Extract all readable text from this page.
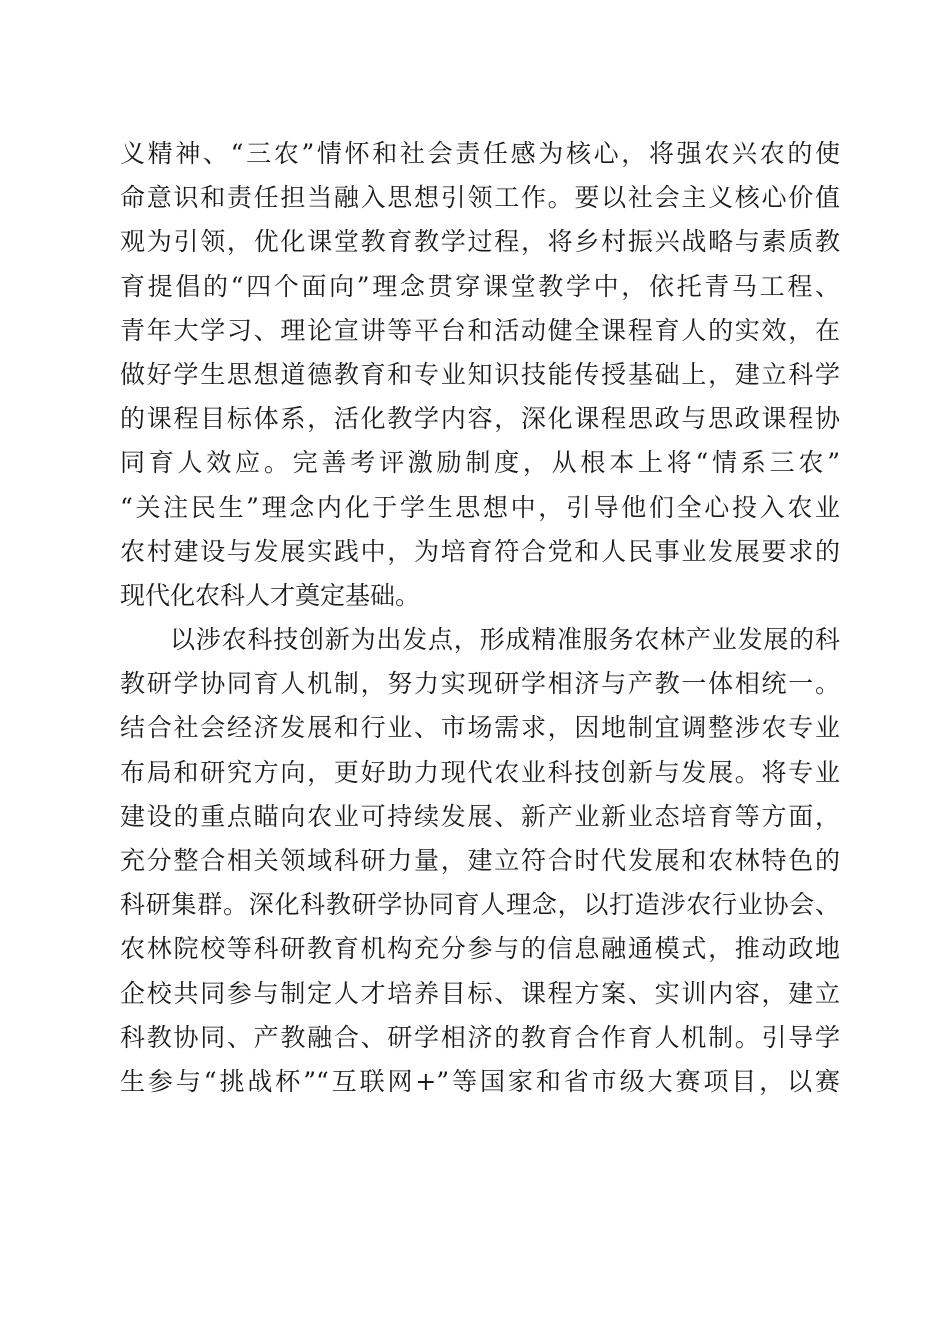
义精神、“三农”情怀和社会责任感为核心，将强农兴农的使
命意识和责任担当融入思想引领工作。要以社会主义核心价值
观为引领，优化课堂教育教学过程，将乡村振兴战略与素质教
育提倡的“四个面向”理念贯穿课堂教学中，依托青马工程、
青年大学习、理论宣讲等平台和活动健全课程育人的实效，在
做好学生思想道德教育和专业知识技能传授基础上，建立科学
的课程目标体系，活化教学内容，深化课程思政与思政课程协
同育人效应。完善考评激励制度，从根本上将“情系三农”
“关注民生”理念内化于学生思想中，引导他们全心投入农业
农村建设与发展实践中，为培育符合党和人民事业发展要求的
现代化农科人才奠定基础。
以涉农科技创新为出发点，形成精准服务农林产业发展的科
教研学协同育人机制，努力实现研学相济与产教一体相统一。
结合社会经济发展和行业、市场需求，因地制宜调整涉农专业
布局和研究方向，更好助力现代农业科技创新与发展。将专业
建设的重点瞄向农业可持续发展、新产业新业态培育等方面，
充分整合相关领域科研力量，建立符合时代发展和农林特色的
科研集群。深化科教研学协同育人理念，以打造涉农行业协会、
农林院校等科研教育机构充分参与的信息融通模式，推动政地
企校共同参与制定人才培养目标、课程方案、实训内容，建立
科教协同、产教融合、研学相济的教育合作育人机制。引导学
生参与“挑战杯”“互联网+”等国家和省市级大赛项目，以赛
